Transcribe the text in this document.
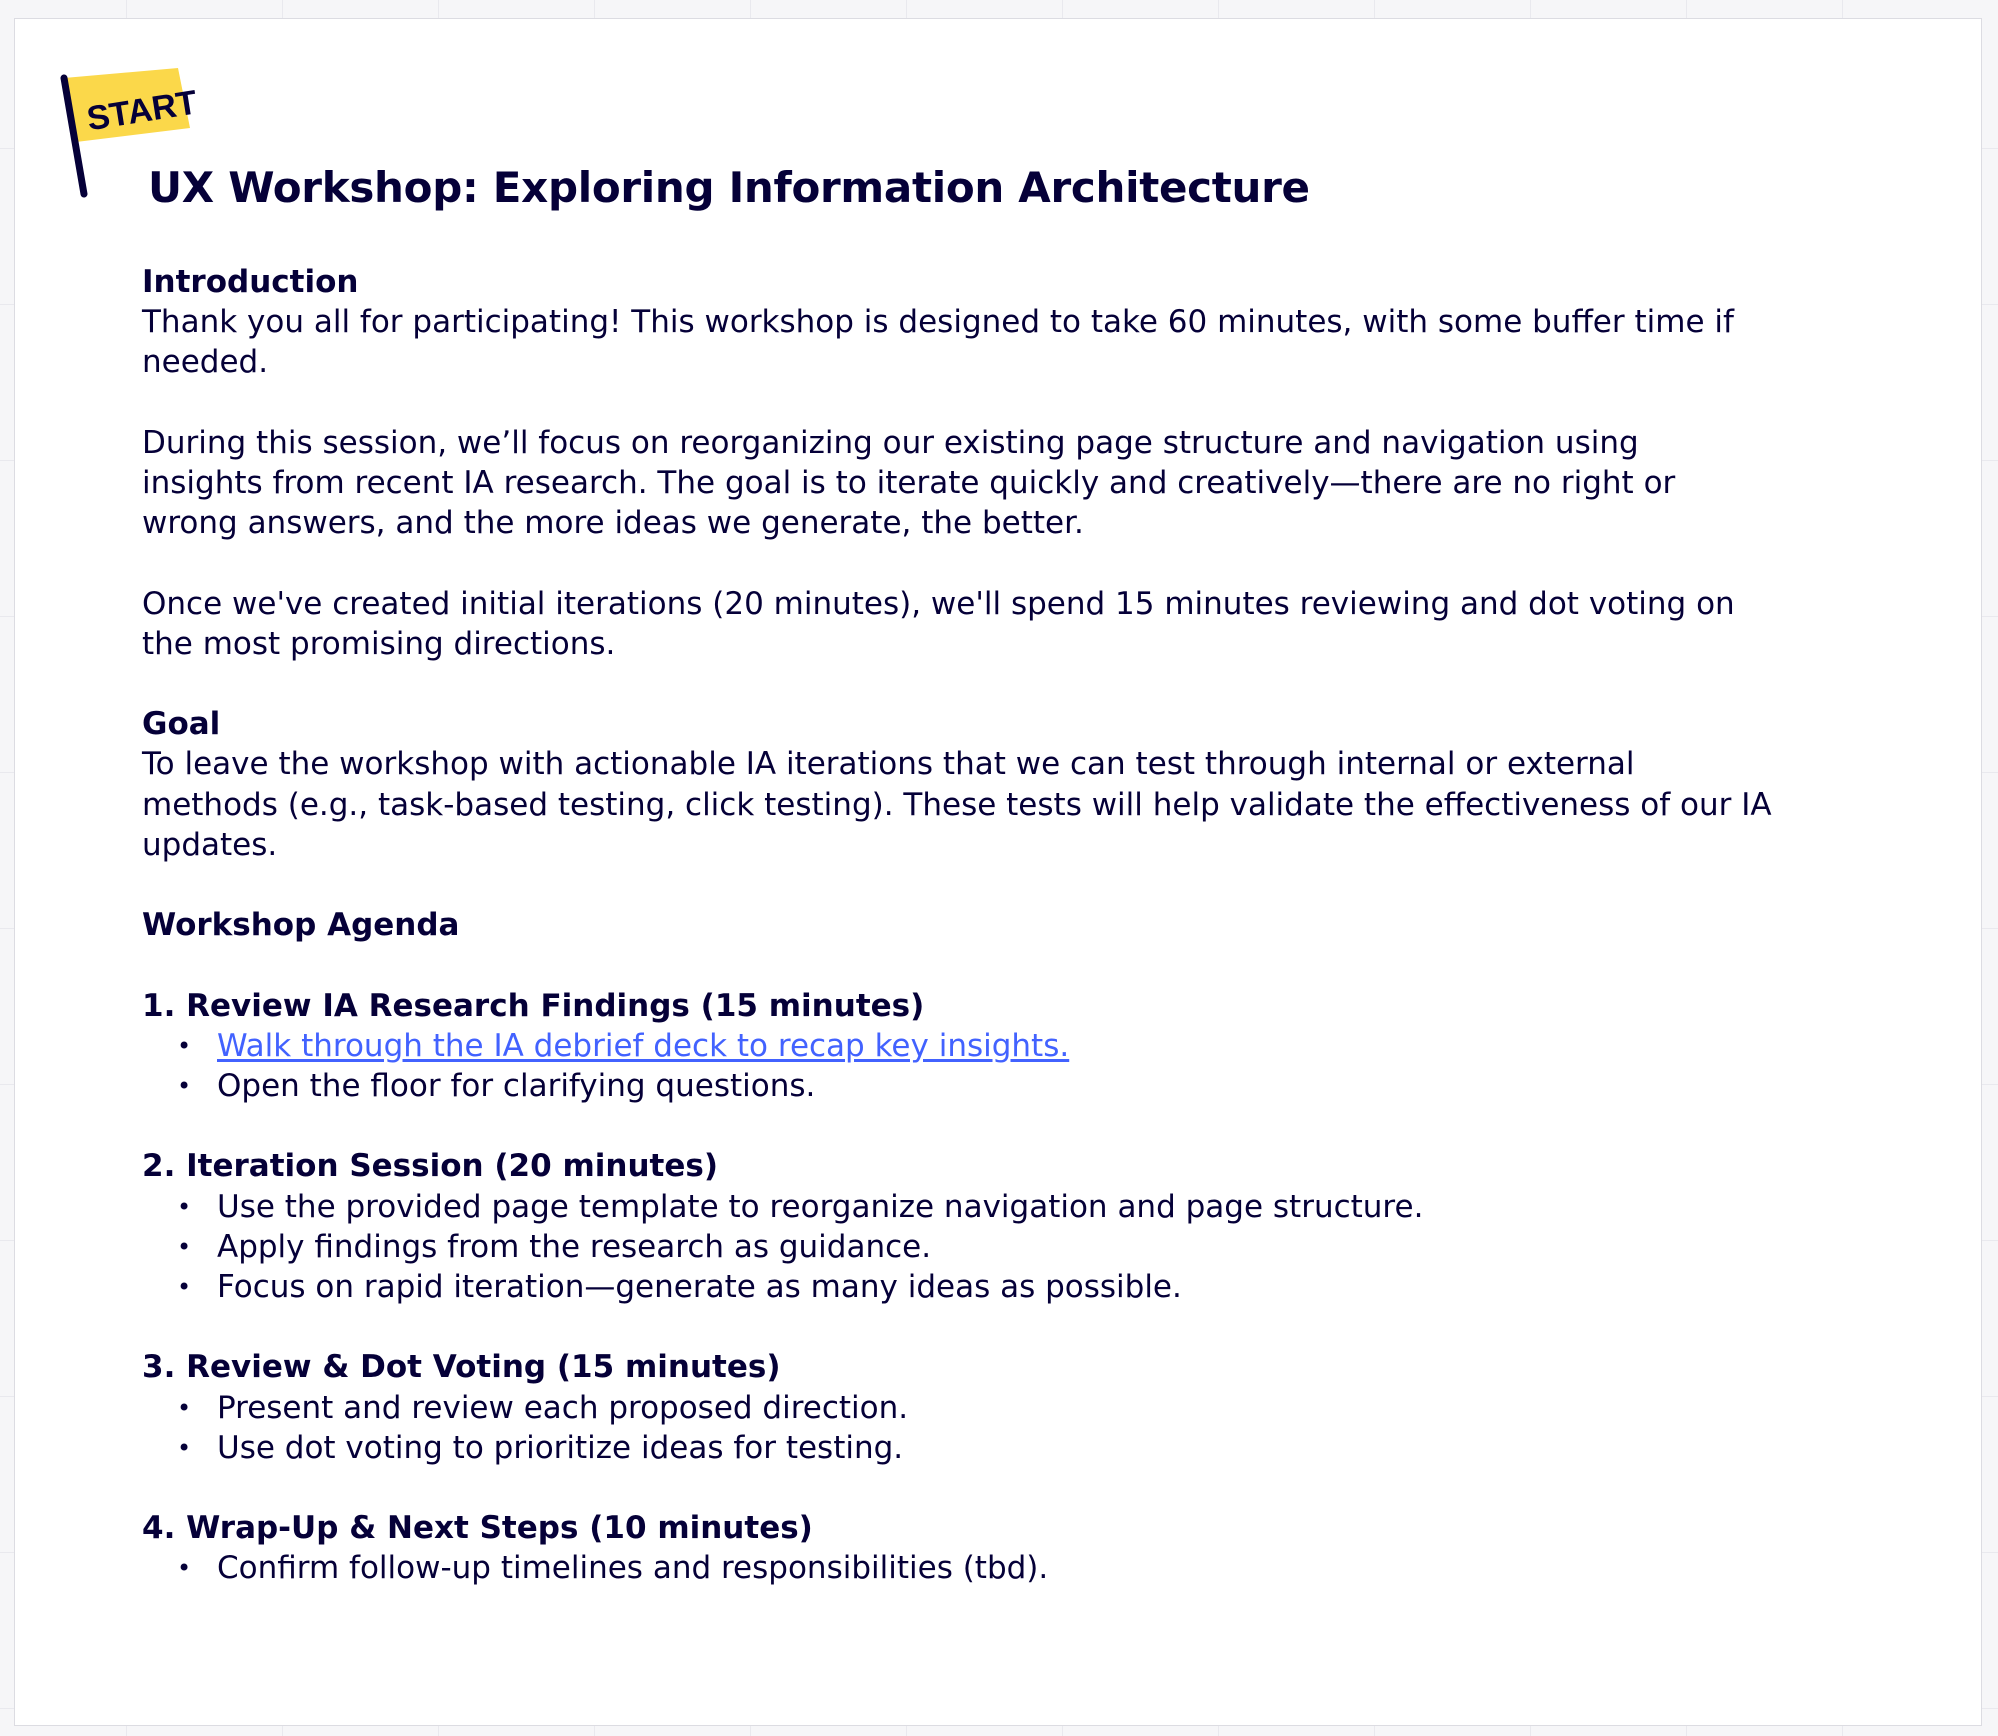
START
UX Workshop: Exploring Information Architecture

Introduction

Thank you all for participating! This workshop is designed to take 60 minutes, with some buffer time if

needed.

During this session, we’ll focus on reorganizing our existing page structure and navigation using

insights from recent IA research. The goal is to iterate quickly and creatively—there are no right or

wrong answers, and the more ideas we generate, the better.

Once we've created initial iterations (20 minutes), we'll spend 15 minutes reviewing and dot voting on

the most promising directions.

Goal

To leave the workshop with actionable IA iterations that we can test through internal or external

methods (e.g., task-based testing, click testing). These tests will help validate the effectiveness of our IA

updates.

Workshop Agenda

1. Review IA Research Findings (15 minutes)

• Walk through the IA debrief deck to recap key insights.
• Open the floor for clarifying questions.

2. Iteration Session (20 minutes)

• Use the provided page template to reorganize navigation and page structure.
• Apply findings from the research as guidance.
• Focus on rapid iteration—generate as many ideas as possible.

3. Review & Dot Voting (15 minutes)

• Present and review each proposed direction.
• Use dot voting to prioritize ideas for testing.

4. Wrap-Up & Next Steps (10 minutes)

• Confirm follow-up timelines and responsibilities (tbd).
